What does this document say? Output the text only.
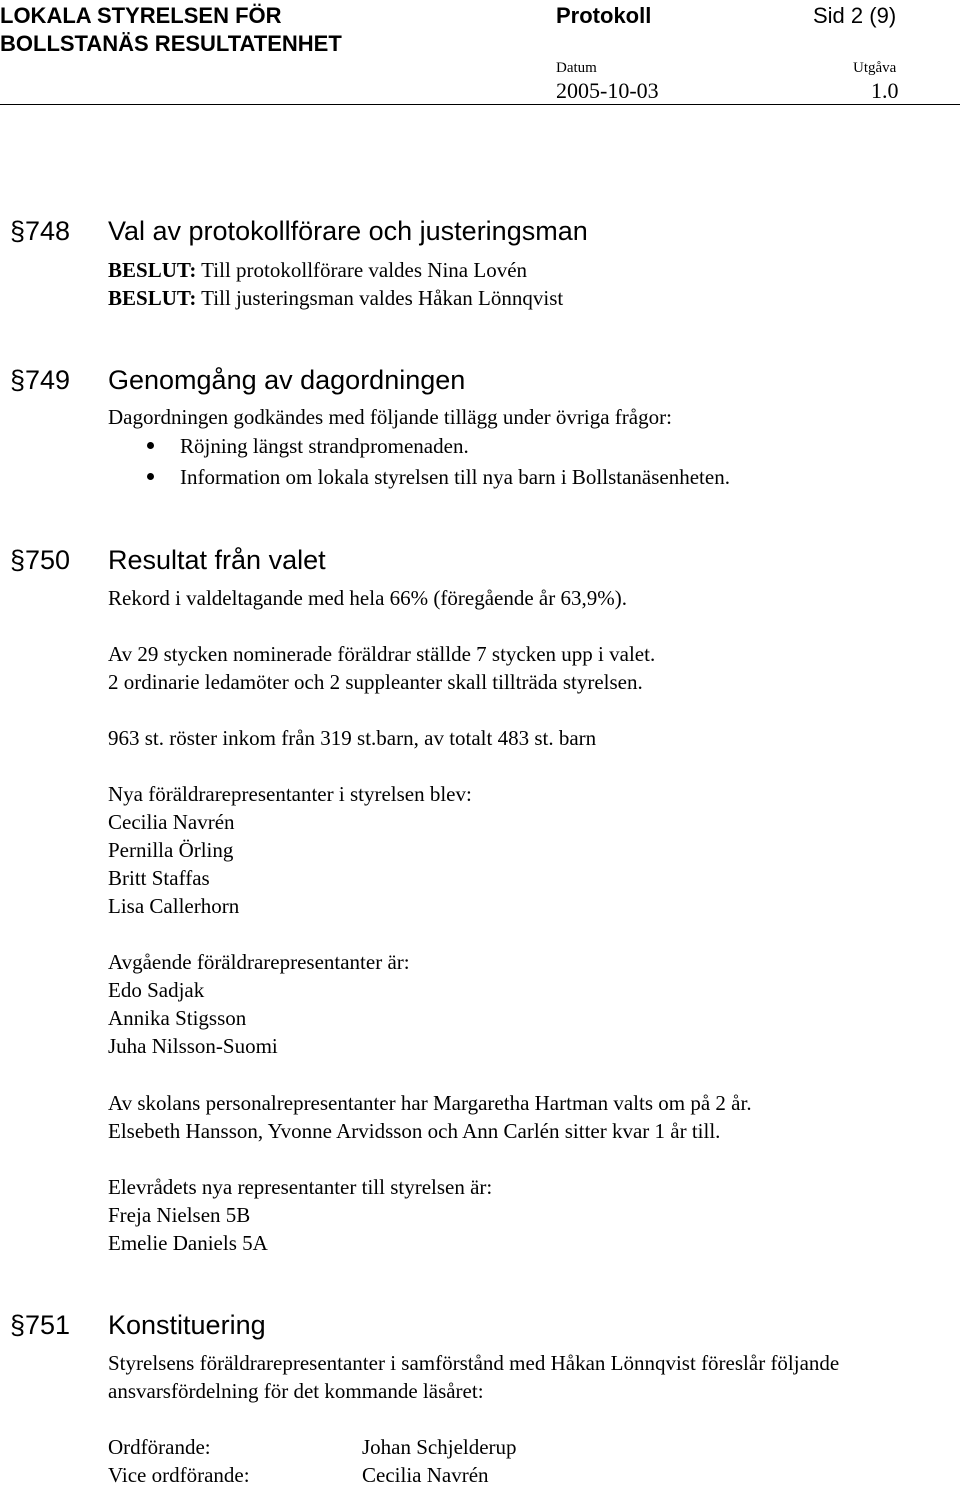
LOKALA STYRELSEN FÖR
BOLLSTANÄS RESULTATENHET
Protokoll	Sid 2 (9)
Datum	Utgåva
2005-10-03	1.0
§748 Val av protokollförare och justeringsman
BESLUT: Till protokollförare valdes Nina Lovén
BESLUT: Till justeringsman valdes Håkan Lönnqvist
§749 Genomgång av dagordningen
Dagordningen godkändes med följande tillägg under övriga frågor:
Röjning längst strandpromenaden.
Information om lokala styrelsen till nya barn i Bollstanäsenheten.
§750 Resultat från valet
Rekord i valdeltagande med hela 66% (föregående år 63,9%).
Av 29 stycken nominerade föräldrar ställde 7 stycken upp i valet.
2 ordinarie ledamöter och 2 suppleanter skall tillträda styrelsen.
963 st. röster inkom från 319 st.barn, av totalt 483 st. barn
Nya föräldrarepresentanter i styrelsen blev:
Cecilia Navrén
Pernilla Örling
Britt Staffas
Lisa Callerhorn
Avgående föräldrarepresentanter är:
Edo Sadjak
Annika Stigsson
Juha Nilsson-Suomi
Av skolans personalrepresentanter har Margaretha Hartman valts om på 2 år.
Elsebeth Hansson, Yvonne Arvidsson och Ann Carlén sitter kvar 1 år till.
Elevrådets nya representanter till styrelsen är:
Freja Nielsen 5B
Emelie Daniels 5A
§751 Konstituering
Styrelsens föräldrarepresentanter i samförstånd med Håkan Lönnqvist föreslår följande
ansvarsfördelning för det kommande läsåret:
Ordförande:	Johan Schjelderup
Vice ordförande:	Cecilia Navrén
